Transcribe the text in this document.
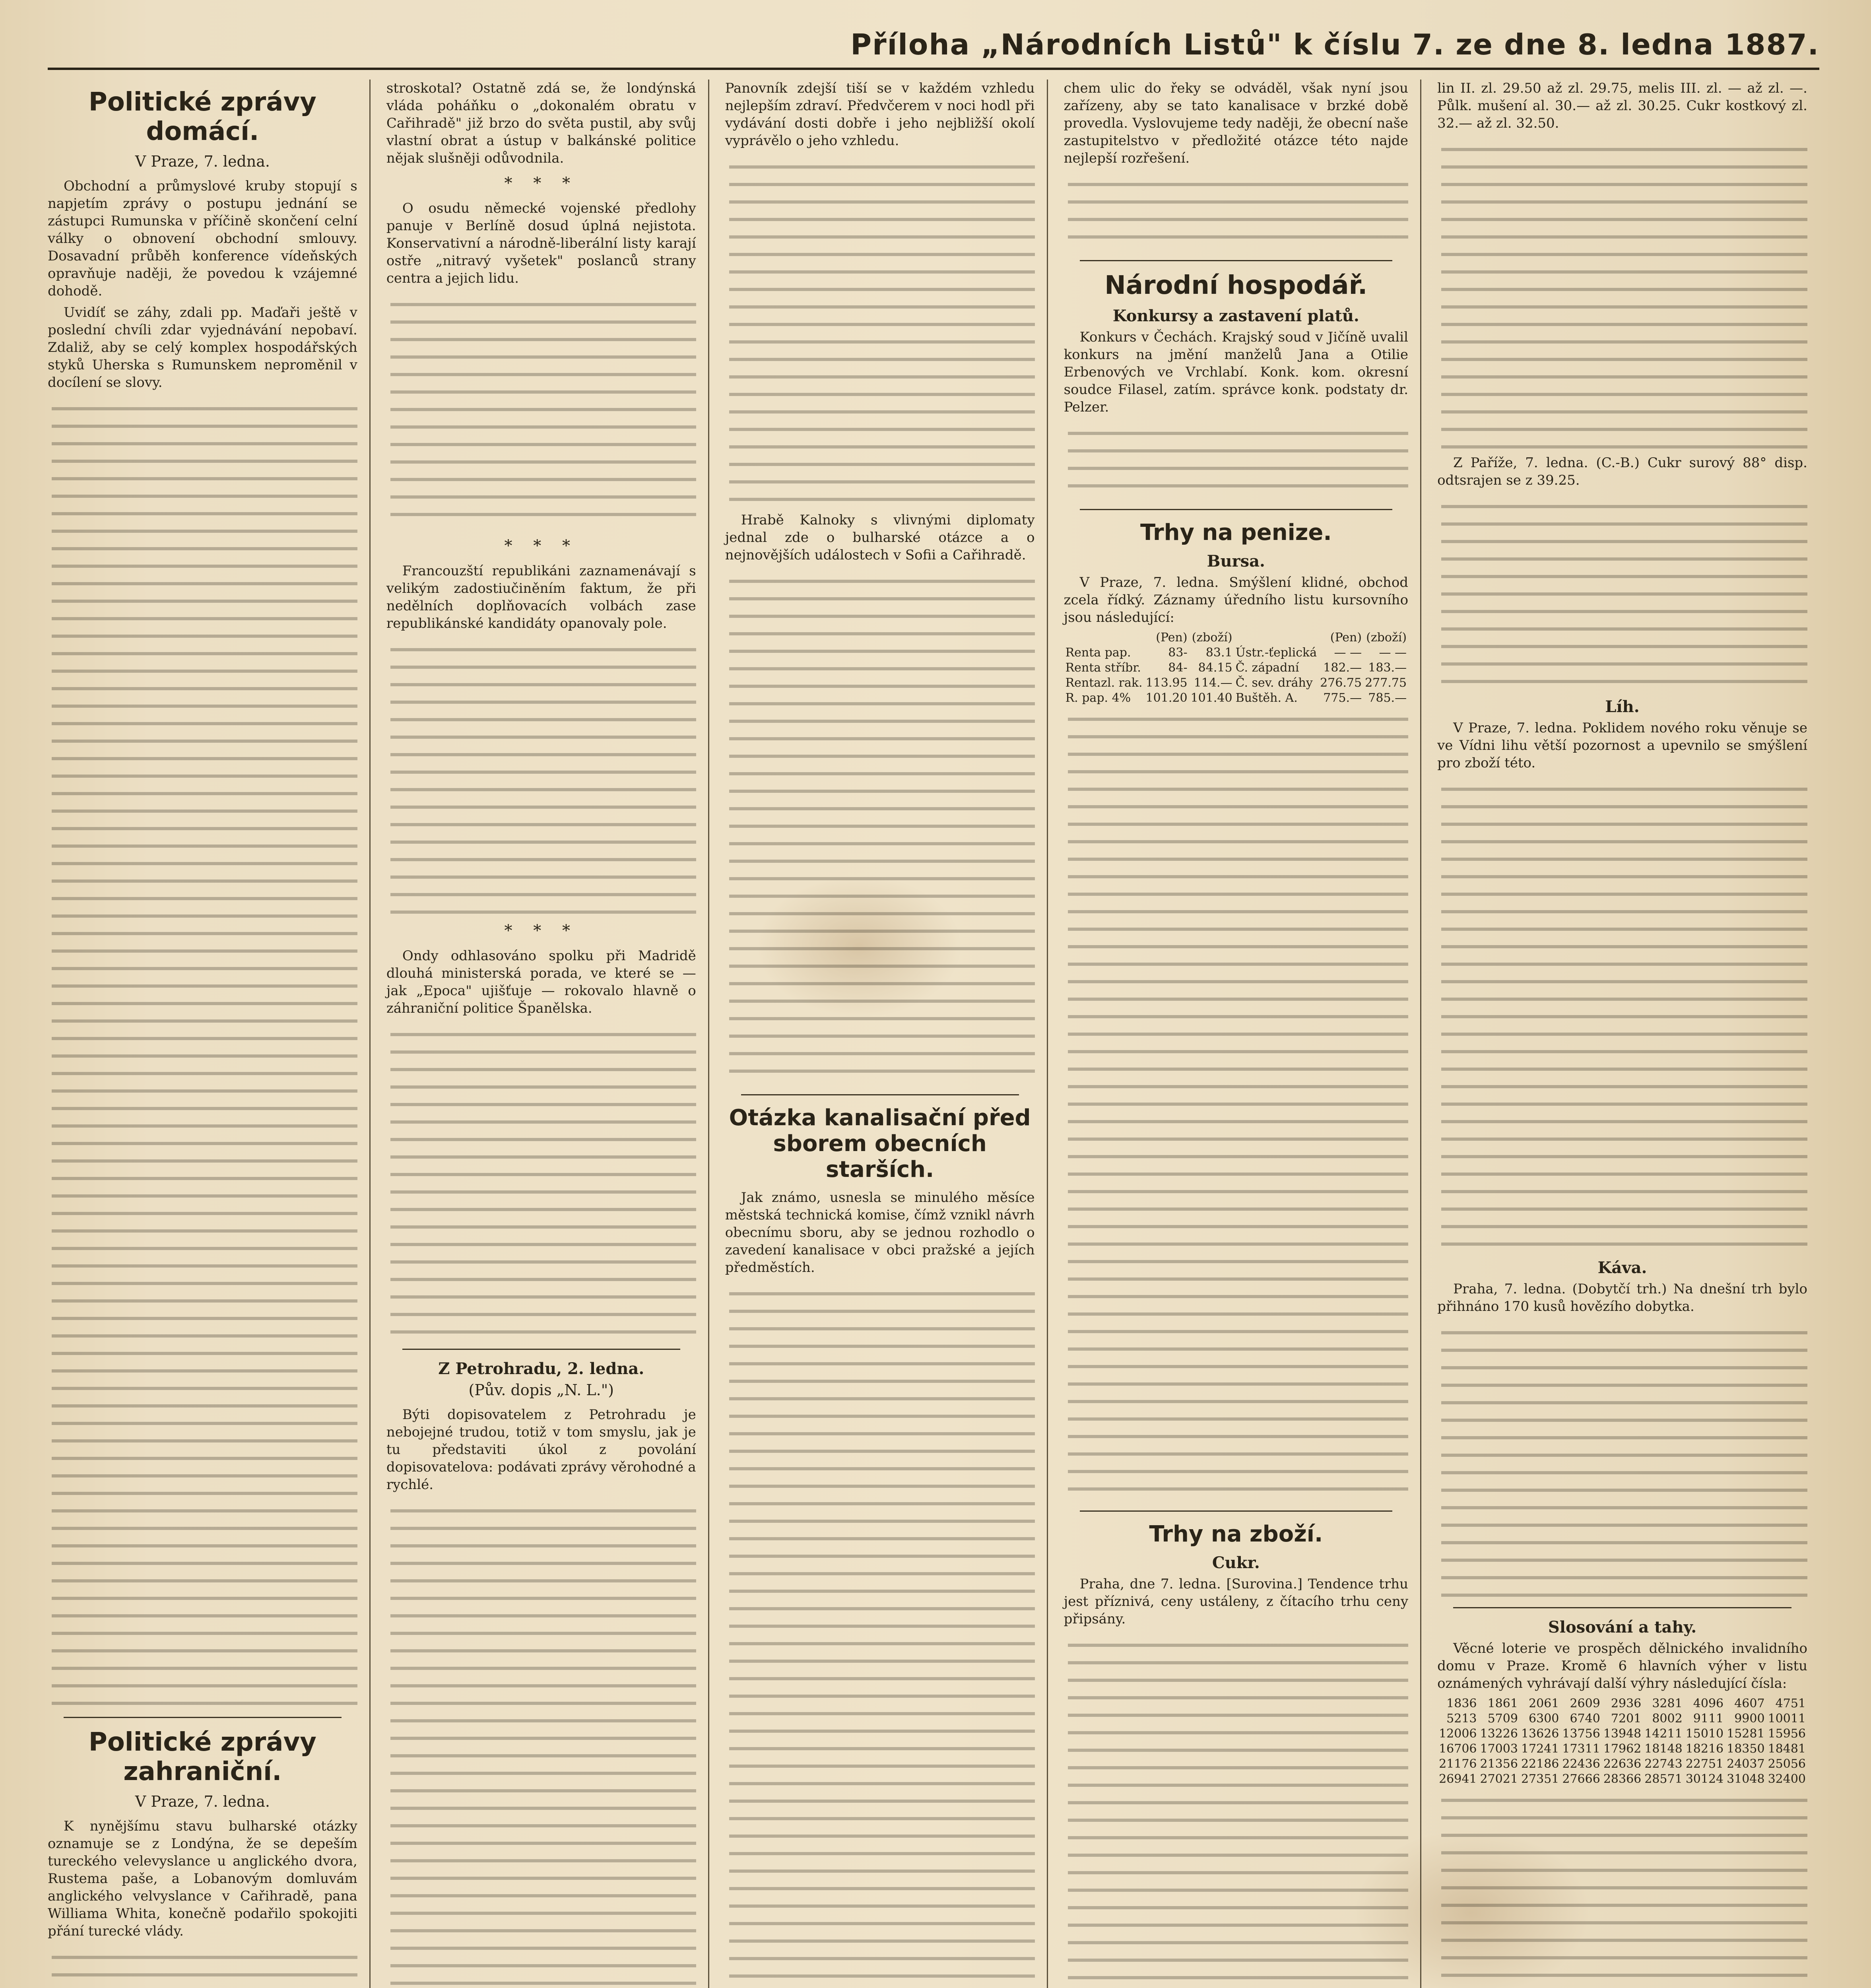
Příloha „Národních Listů" k číslu 7. ze dne 8. ledna 1887.
Politické zprávy domácí.
V Praze, 7. ledna.

Obchodní a průmyslové kruby stopují s napjetím zprávy o postupu jednání se zástupci Rumunska v příčině skončení celní války o obnovení obchodní smlouvy. Dosavadní průběh konference vídeňských opravňuje naději, že povedou k vzájemné dohodě.

Uvidíť se záhy, zdali pp. Maďaři ještě v poslední chvíli zdar vyjednávání nepobaví. Zdaliž, aby se celý komplex hospodářských styků Uherska s Rumunskem neproměnil v docílení se slovy.

Politické zprávy zahraniční.
V Praze, 7. ledna.

K nynějšímu stavu bulharské otázky oznamuje se z Londýna, že se depeším tureckého velevyslance u anglického dvora, Rustema paše, a Lobanovým domluvám anglického velvyslance v Cařihradě, pana Williama Whita, konečně podařilo spokojiti přání turecké vlády.

stroskotal? Ostatně zdá se, že londýnská vláda poháňku o „dokonalém obratu v Cařihradě" již brzo do světa pustil, aby svůj vlastní obrat a ústup v balkánské politice nějak slušněji odůvodnila.

* * *

O osudu německé vojenské předlohy panuje v Berlíně dosud úplná nejistota. Konservativní a národně-liberální listy karají ostře „nitravý vyšetek" poslanců strany centra a jejich lidu.

* * *

Francouzští republikáni zaznamenávají s velikým zadostiučiněním faktum, že při nedělních doplňovacích volbách zase republikánské kandidáty opanovaly pole.

* * *

Ondy odhlasováno spolku při Madridě dlouhá ministerská porada, ve které se — jak „Epoca" ujišťuje — rokovalo hlavně o záhraniční politice Španělska.

Z Petrohradu, 2. ledna.
(Pův. dopis „N. L.")

Býti dopisovatelem z Petrohradu je nebojejné trudou, totiž v tom smyslu, jak je tu představiti úkol z povolání dopisovatelova: podávati zprávy věrohodné a rychlé.

Panovník zdejší tiší se v každém vzhledu nejlepším zdraví. Předvčerem v noci hodl při vydávání dosti dobře i jeho nejbližší okolí vyprávělo o jeho vzhledu.

Hrabě Kalnoky s vlivnými diplomaty jednal zde o bulharské otázce a o nejnovějších událostech v Sofii a Cařihradě.

Otázka kanalisační před sborem obecních starších.

Jak známo, usnesla se minulého měsíce městská technická komise, čímž vznikl návrh obecnímu sboru, aby se jednou rozhodlo o zavedení kanalisace v obci pražské a jejích předměstích.

chem ulic do řeky se odváděl, však nyní jsou zařízeny, aby se tato kanalisace v brzké době provedla. Vyslovujeme tedy naději, že obecní naše zastupitelstvo v předložité otázce této najde nejlepší rozřešení.

Národní hospodář.
Konkursy a zastavení platů.

Konkurs v Čechách. Krajský soud v Jičíně uvalil konkurs na jmění manželů Jana a Otilie Erbenových ve Vrchlabí. Konk. kom. okresní soudce Filasel, zatím. správce konk. podstaty dr. Pelzer.

Trhy na penize.
Bursa.

V Praze, 7. ledna. Smýšlení klidné, obchod zcela řídký. Záznamy úředního listu kursovního jsou následující:

	(Pen)	(zboží)		(Pen)	(zboží)
Renta pap.	83-	83.1	Ústr.-ťeplická	— —	— —
Renta stříbr.	84-	84.15	Č. západní	182.—	183.—
Rentazl. rak.	113.95	114.—	Č. sev. dráhy	276.75	277.75
R. pap. 4%	101.20	101.40	Buštěh. A.	775.—	785.—
Trhy na zboží.
Cukr.

Praha, dne 7. ledna. [Surovina.] Tendence trhu jest příznivá, ceny ustáleny, z čítacího trhu ceny připsány.

lin II. zl. 29.50 až zl. 29.75, melis III. zl. — až zl. —. Půlk. mušení al. 30.— až zl. 30.25. Cukr kostkový zl. 32.— až zl. 32.50.

Z Paříže, 7. ledna. (C.-B.) Cukr surový 88° disp. odtsrajen se z 39.25.

Líh.

V Praze, 7. ledna. Poklidem nového roku věnuje se ve Vídni lihu větší pozornost a upevnilo se smýšlení pro zboží této.

Káva.

Praha, 7. ledna. (Dobytčí trh.) Na dnešní trh bylo přihnáno 170 kusů hovězího dobytka.

Slosování a tahy.

Věcné loterie ve prospěch dělnického invalidního domu v Praze. Kromě 6 hlavních výher v listu oznámených vyhrávají další výhry následující čísla:

1836	1861	2061	2609	2936	3281	4096	4607	4751
5213	5709	6300	6740	7201	8002	9111	9900	10011
12006	13226	13626	13756	13948	14211	15010	15281	15956
16706	17003	17241	17311	17962	18148	18216	18350	18481
21176	21356	22186	22436	22636	22743	22751	24037	25056
26941	27021	27351	27666	28366	28571	30124	31048	32400
